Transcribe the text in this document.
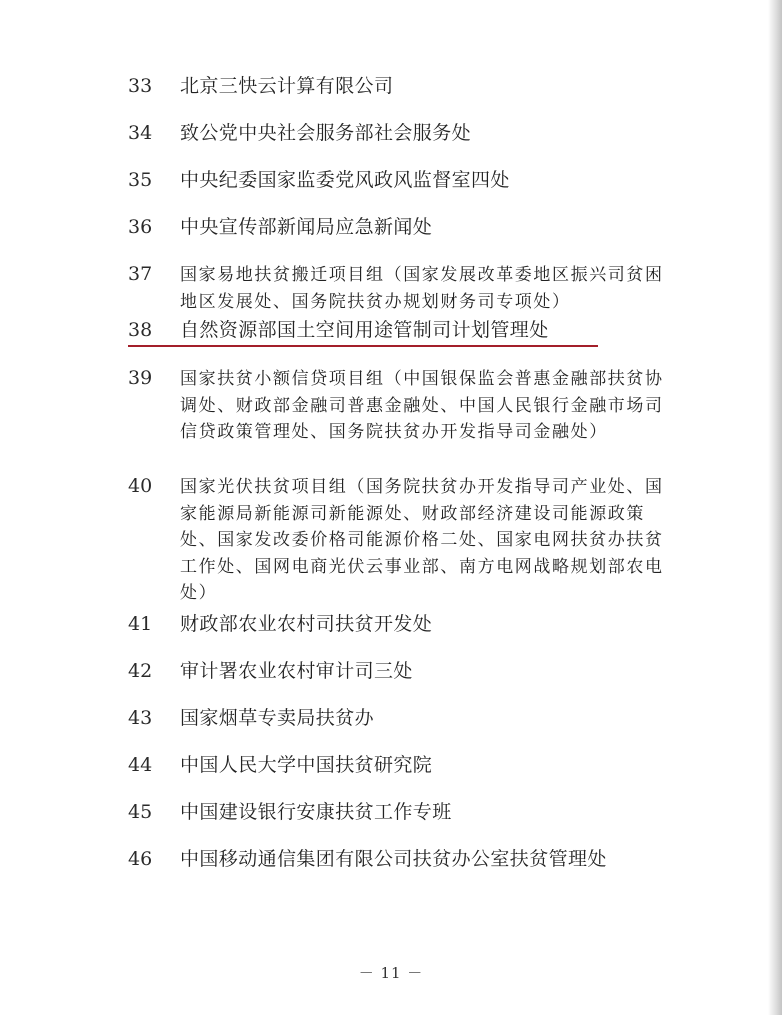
33	北京三快云计算有限公司
34	致公党中央社会服务部社会服务处
35	中央纪委国家监委党风政风监督室四处
36	中央宣传部新闻局应急新闻处
37	国家易地扶贫搬迁项目组（国家发展改革委地区振兴司贫困地区发展处、国务院扶贫办规划财务司专项处）
38	自然资源部国土空间用途管制司计划管理处
39	国家扶贫小额信贷项目组（中国银保监会普惠金融部扶贫协调处、财政部金融司普惠金融处、中国人民银行金融市场司信贷政策管理处、国务院扶贫办开发指导司金融处）
40	国家光伏扶贫项目组（国务院扶贫办开发指导司产业处、国家能源局新能源司新能源处、财政部经济建设司能源政策处、国家发改委价格司能源价格二处、国家电网扶贫办扶贫工作处、国网电商光伏云事业部、南方电网战略规划部农电处）
41	财政部农业农村司扶贫开发处
42	审计署农业农村审计司三处
43	国家烟草专卖局扶贫办
44	中国人民大学中国扶贫研究院
45	中国建设银行安康扶贫工作专班
46	中国移动通信集团有限公司扶贫办公室扶贫管理处
－ 11 －
